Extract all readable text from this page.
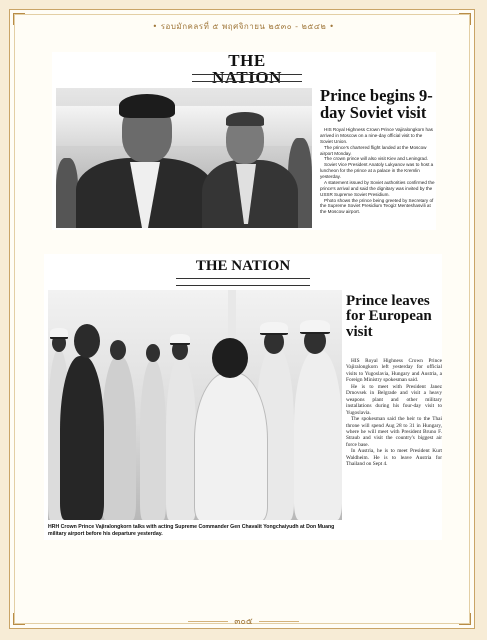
• รอบมักคลรที่ ๕ พฤศจิกายน ๒๕๓๐ - ๒๕๔๒ •
THE NATION

Prince begins 9-day Soviet visit

HIS Royal Highness Crown Prince Vajiralongkorn has arrived in Moscow on a nine-day official visit to the Soviet Union.

The prince's chartered flight landed at the Moscow airport Monday.

The crown prince will also visit Kiev and Leningrad.

Soviet Vice President Anatoly Lukyanov was to host a luncheon for the prince at a palace in the Kremlin yesterday.

A statement issued by Soviet authorities confirmed the prince's arrival and said the dignitary was invited by the USSR Supreme Soviet Presidium.

Photo shows the prince being greeted by Secretary of the Supreme Soviet Presidium Teogiz Menteshasvili at the Moscow airport.

THE NATION

Prince leaves for European visit

HIS Royal Highness Crown Prince Vajiralongkorn left yesterday for official visits to Yugoslavia, Hungary and Austria, a Foreign Ministry spokesman said.

He is to meet with President Janez Drnovsek in Belgrade and visit a heavy weapons plant and other military installations during his four-day visit to Yugoslavia.

The spokesman said the heir to the Thai throne will spend Aug 28 to 31 in Hungary, where he will meet with President Bruno F. Straub and visit the country's biggest air force base.

In Austria, he is to meet President Kurt Waldheim. He is to leave Austria for Thailand on Sept 4.

HRH Crown Prince Vajiralongkorn talks with acting Supreme Commander Gen Chavalit Yongchaiyudh at Don Muang military airport before his departure yesterday.
๓๐๕
